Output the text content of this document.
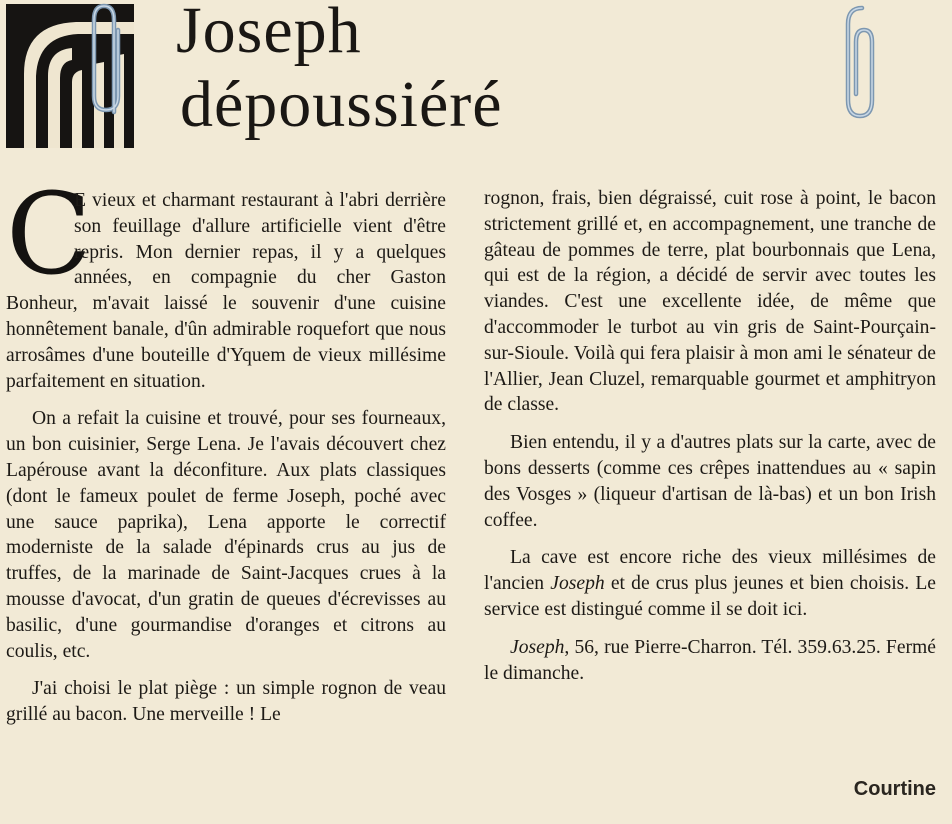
Joseph
dépoussiéré

C
E vieux et charmant restaurant à l'abri derrière son feuillage d'allure artificielle vient d'être repris. Mon dernier repas, il y a quelques années, en compagnie du cher Gaston Bonheur, m'avait laissé le souvenir d'une cuisine honnêtement banale, d'ûn admirable roquefort que nous arrosâmes d'une bouteille d'Yquem de vieux millésime parfaitement en situation.

On a refait la cuisine et trouvé, pour ses fourneaux, un bon cuisinier, Serge Lena. Je l'avais découvert chez Lapérouse avant la déconfiture. Aux plats classiques (dont le fameux poulet de ferme Joseph, poché avec une sauce paprika), Lena apporte le correctif moderniste de la salade d'épinards crus au jus de truffes, de la marinade de Saint-Jacques crues à la mousse d'avocat, d'un gratin de queues d'écrevisses au basilic, d'une gourmandise d'oranges et citrons au coulis, etc.

J'ai choisi le plat piège : un simple rognon de veau grillé au bacon. Une merveille ! Le

rognon, frais, bien dégraissé, cuit rose à point, le bacon strictement grillé et, en accompagnement, une tranche de gâteau de pommes de terre, plat bourbonnais que Lena, qui est de la région, a décidé de servir avec toutes les viandes. C'est une excellente idée, de même que d'accommoder le turbot au vin gris de Saint-Pourçain-sur-Sioule. Voilà qui fera plaisir à mon ami le sénateur de l'Allier, Jean Cluzel, remarquable gourmet et amphitryon de classe.

Bien entendu, il y a d'autres plats sur la carte, avec de bons desserts (comme ces crêpes inattendues au « sapin des Vosges » (liqueur d'artisan de là-bas) et un bon Irish coffee.

La cave est encore riche des vieux millésimes de l'ancien Joseph et de crus plus jeunes et bien choisis. Le service est distingué comme il se doit ici.

Joseph, 56, rue Pierre-Charron. Tél. 359.63.25. Fermé le dimanche.

Courtine
